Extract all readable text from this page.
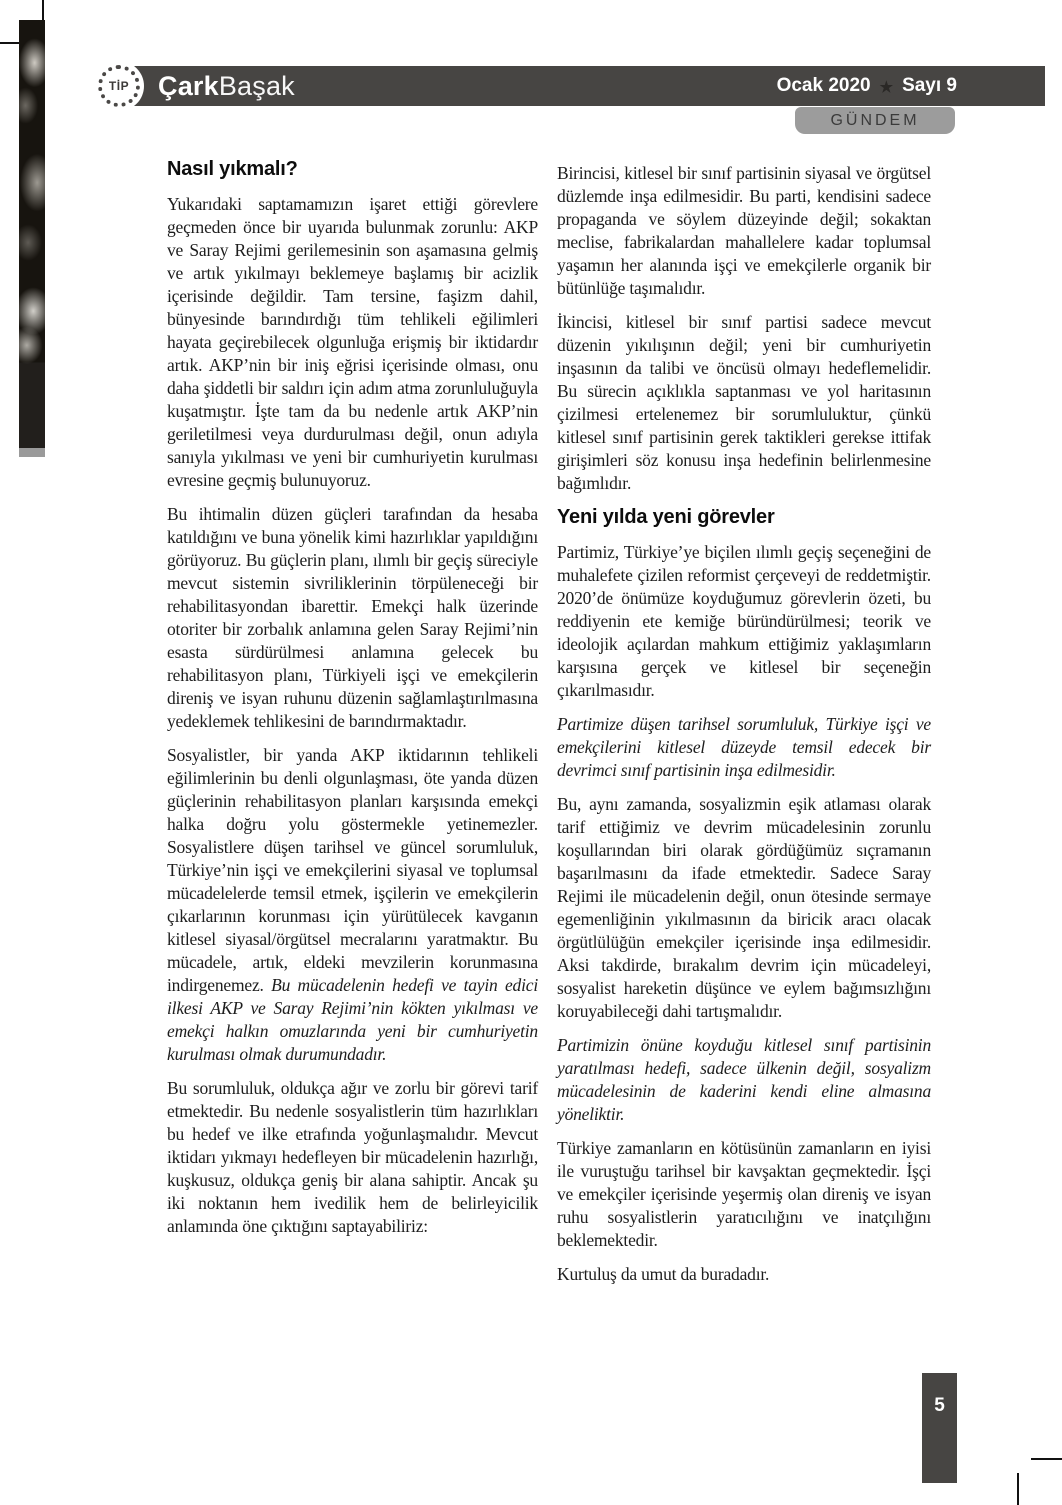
TİP Çark Başak	Ocak 2020 ★ Sayı 9
GÜNDEM
Nasıl yıkmalı?

Yukarıdaki saptamamızın işaret ettiği görevlere geçmeden önce bir uyarıda bulunmak zorunlu: AKP ve Saray Rejimi gerilemesinin son aşamasına gelmiş ve artık yıkılmayı beklemeye başlamış bir acizlik içerisinde değildir. Tam tersine, faşizm dahil, bünyesinde barındırdığı tüm tehlikeli eğilimleri hayata geçirebilecek olgunluğa erişmiş bir iktidardır artık. AKP’nin bir iniş eğrisi içerisinde olması, onu daha şiddetli bir saldırı için adım atma zorunluluğuyla kuşatmıştır. İşte tam da bu nedenle artık AKP’nin geriletilmesi veya durdurulması değil, onun adıyla sanıyla yıkılması ve yeni bir cumhuriyetin kurulması evresine geçmiş bulunuyoruz.

Bu ihtimalin düzen güçleri tarafından da hesaba katıldığını ve buna yönelik kimi hazırlıklar yapıldığını görüyoruz. Bu güçlerin planı, ılımlı bir geçiş süreciyle mevcut sistemin sivriliklerinin törpüleneceği bir rehabilitasyondan ibarettir. Emekçi halk üzerinde otoriter bir zorbalık anlamına gelen Saray Rejimi’nin esasta sürdürülmesi anlamına gelecek bu rehabilitasyon planı, Türkiyeli işçi ve emekçilerin direniş ve isyan ruhunu düzenin sağlamlaştırılmasına yedeklemek tehlikesini de barındırmaktadır.

Sosyalistler, bir yanda AKP iktidarının tehlikeli eğilimlerinin bu denli olgunlaşması, öte yanda düzen güçlerinin rehabilitasyon planları karşısında emekçi halka doğru yolu göstermekle yetinemezler. Sosyalistlere düşen tarihsel ve güncel sorumluluk, Türkiye’nin işçi ve emekçilerini siyasal ve toplumsal mücadelelerde temsil etmek, işçilerin ve emekçilerin çıkarlarının korunması için yürütülecek kavganın kitlesel siyasal/örgütsel mecralarını yaratmaktır. Bu mücadele, artık, eldeki mevzilerin korunmasına indirgenemez. Bu mücadelenin hedefi ve tayin edici ilkesi AKP ve Saray Rejimi’nin kökten yıkılması ve emekçi halkın omuzlarında yeni bir cumhuriyetin kurulması olmak durumundadır.

Bu sorumluluk, oldukça ağır ve zorlu bir görevi tarif etmektedir. Bu nedenle sosyalistlerin tüm hazırlıkları bu hedef ve ilke etrafında yoğunlaşmalıdır. Mevcut iktidarı yıkmayı hedefleyen bir mücadelenin hazırlığı, kuşkusuz, oldukça geniş bir alana sahiptir. Ancak şu iki noktanın hem ivedilik hem de belirleyicilik anlamında öne çıktığını saptayabiliriz:

Birincisi, kitlesel bir sınıf partisinin siyasal ve örgütsel düzlemde inşa edilmesidir. Bu parti, kendisini sadece propaganda ve söylem düzeyinde değil; sokaktan meclise, fabrikalardan mahallelere kadar toplumsal yaşamın her alanında işçi ve emekçilerle organik bir bütünlüğe taşımalıdır.

İkincisi, kitlesel bir sınıf partisi sadece mevcut düzenin yıkılışının değil; yeni bir cumhuriyetin inşasının da talibi ve öncüsü olmayı hedeflemelidir. Bu sürecin açıklıkla saptanması ve yol haritasının çizilmesi ertelenemez bir sorumluluktur, çünkü kitlesel sınıf partisinin gerek taktikleri gerekse ittifak girişimleri söz konusu inşa hedefinin belirlenmesine bağımlıdır.

Yeni yılda yeni görevler

Partimiz, Türkiye’ye biçilen ılımlı geçiş seçeneğini de muhalefete çizilen reformist çerçeveyi de reddetmiştir. 2020’de önümüze koyduğumuz görevlerin özeti, bu reddiyenin ete kemiğe büründürülmesi; teorik ve ideolojik açılardan mahkum ettiğimiz yaklaşımların karşısına gerçek ve kitlesel bir seçeneğin çıkarılmasıdır.

Partimize düşen tarihsel sorumluluk, Türkiye işçi ve emekçilerini kitlesel düzeyde temsil edecek bir devrimci sınıf partisinin inşa edilmesidir.

Bu, aynı zamanda, sosyalizmin eşik atlaması olarak tarif ettiğimiz ve devrim mücadelesinin zorunlu koşullarından biri olarak gördüğümüz sıçramanın başarılmasını da ifade etmektedir. Sadece Saray Rejimi ile mücadelenin değil, onun ötesinde sermaye egemenliğinin yıkılmasının da biricik aracı olacak örgütlülüğün emekçiler içerisinde inşa edilmesidir. Aksi takdirde, bırakalım devrim için mücadeleyi, sosyalist hareketin düşünce ve eylem bağımsızlığını koruyabileceği dahi tartışmalıdır.

Partimizin önüne koyduğu kitlesel sınıf partisinin yaratılması hedefi, sadece ülkenin değil, sosyalizm mücadelesinin de kaderini kendi eline almasına yöneliktir.

Türkiye zamanların en kötüsünün zamanların en iyisi ile vuruştuğu tarihsel bir kavşaktan geçmektedir. İşçi ve emekçiler içerisinde yeşermiş olan direniş ve isyan ruhu sosyalistlerin yaratıcılığını ve inatçılığını beklemektedir.

Kurtuluş da umut da buradadır.

5
